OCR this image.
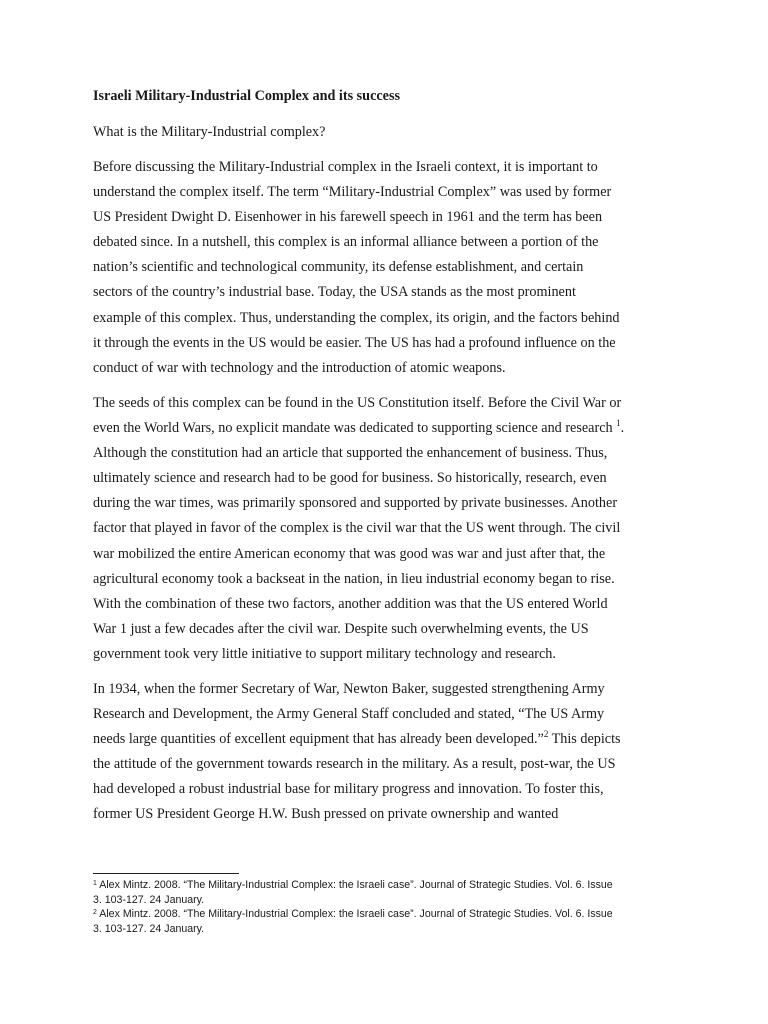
Israeli Military-Industrial Complex and its success
What is the Military-Industrial complex?

Before discussing the Military-Industrial complex in the Israeli context, it is important to
understand the complex itself. The term “Military-Industrial Complex” was used by former
US President Dwight D. Eisenhower in his farewell speech in 1961 and the term has been
debated since. In a nutshell, this complex is an informal alliance between a portion of the
nation’s scientific and technological community, its defense establishment, and certain
sectors of the country’s industrial base. Today, the USA stands as the most prominent
example of this complex. Thus, understanding the complex, its origin, and the factors behind
it through the events in the US would be easier. The US has had a profound influence on the
conduct of war with technology and the introduction of atomic weapons.

The seeds of this complex can be found in the US Constitution itself. Before the Civil War or
even the World Wars, no explicit mandate was dedicated to supporting science and research $^1$.
Although the constitution had an article that supported the enhancement of business. Thus,
ultimately science and research had to be good for business. So historically, research, even
during the war times, was primarily sponsored and supported by private businesses. Another
factor that played in favor of the complex is the civil war that the US went through. The civil
war mobilized the entire American economy that was good was war and just after that, the
agricultural economy took a backseat in the nation, in lieu industrial economy began to rise.
With the combination of these two factors, another addition was that the US entered World
War 1 just a few decades after the civil war. Despite such overwhelming events, the US
government took very little initiative to support military technology and research.

In 1934, when the former Secretary of War, Newton Baker, suggested strengthening Army
Research and Development, the Army General Staff concluded and stated, “The US Army
needs large quantities of excellent equipment that has already been developed.”$^2$ This depicts
the attitude of the government towards research in the military. As a result, post-war, the US
had developed a robust industrial base for military progress and innovation. To foster this,
former US President George H.W. Bush pressed on private ownership and wanted

$^1$ Alex Mintz. 2008. “The Military-Industrial Complex: the Israeli case”. Journal of Strategic Studies. Vol. 6. Issue
3. 103-127. 24 January.
$^2$ Alex Mintz. 2008. “The Military-Industrial Complex: the Israeli case”. Journal of Strategic Studies. Vol. 6. Issue
3. 103-127. 24 January.
